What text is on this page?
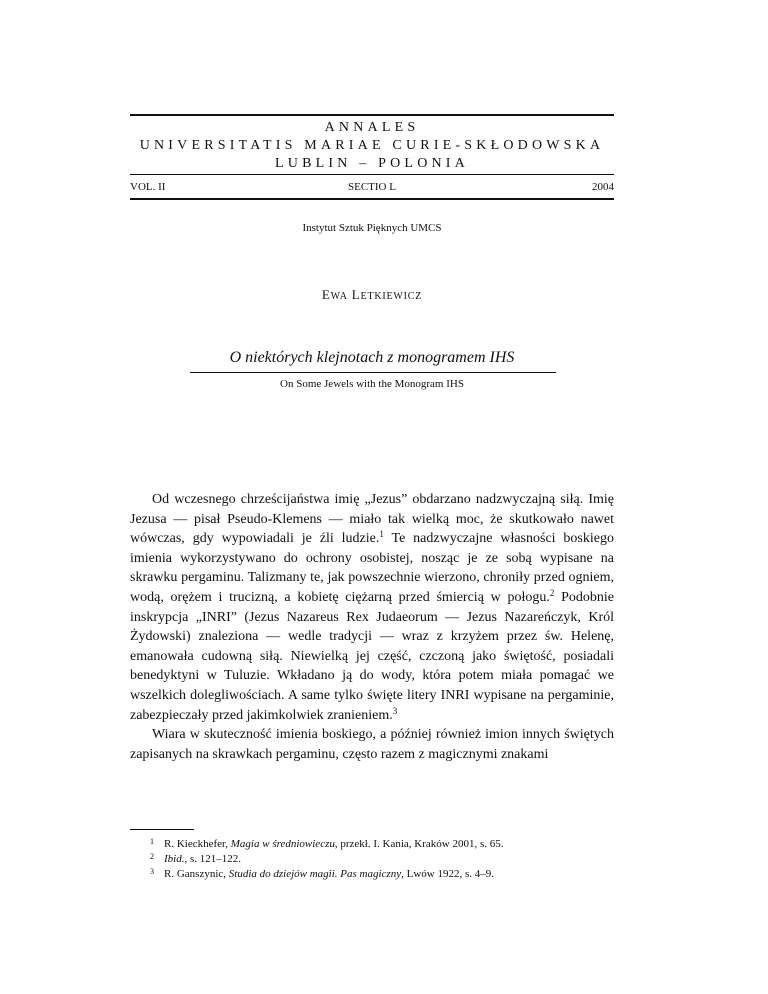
ANNALES
UNIVERSITATIS MARIAE CURIE-SKŁODOWSKA
LUBLIN – POLONIA
VOL. II	SECTIO L	2004
Instytut Sztuk Pięknych UMCS
EWA LETKIEWICZ
O niektórych klejnotach z monogramem IHS
On Some Jewels with the Monogram IHS

Od wczesnego chrześcijaństwa imię „Jezus” obdarzano nadzwyczajną siłą. Imię Jezusa — pisał Pseudo-Klemens — miało tak wielką moc, że skutkowało nawet wówczas, gdy wypowiadali je źli ludzie.$^1$ Te nadzwyczajne własności boskiego imienia wykorzystywano do ochrony osobistej, nosząc je ze sobą wypisane na skrawku pergaminu. Talizmany te, jak powszechnie wierzono, chroniły przed ogniem, wodą, orężem i trucizną, a kobietę ciężarną przed śmiercią w połogu.$^2$ Podobnie inskrypcja „INRI” (Jezus Nazareus Rex Judaeorum — Jezus Nazareńczyk, Król Żydowski) znaleziona — wedle tradycji — wraz z krzyżem przez św. Helenę, emanowała cudowną siłą. Niewielką jej część, czczoną jako świętość, posiadali benedyktyni w Tuluzie. Wkładano ją do wody, która potem miała pomagać we wszelkich dolegliwościach. A same tylko święte litery INRI wypisane na pergaminie, zabezpieczały przed jakimkolwiek zranieniem.$^3$

Wiara w skuteczność imienia boskiego, a później również imion innych świętych zapisanych na skrawkach pergaminu, często razem z magicznymi znakami

1 R. Kieckhefer, Magia w średniowieczu, przekł. I. Kania, Kraków 2001, s. 65.
2 Ibid., s. 121–122.
3 R. Ganszynic, Studia do dziejów magii. Pas magiczny, Lwów 1922, s. 4–9.
